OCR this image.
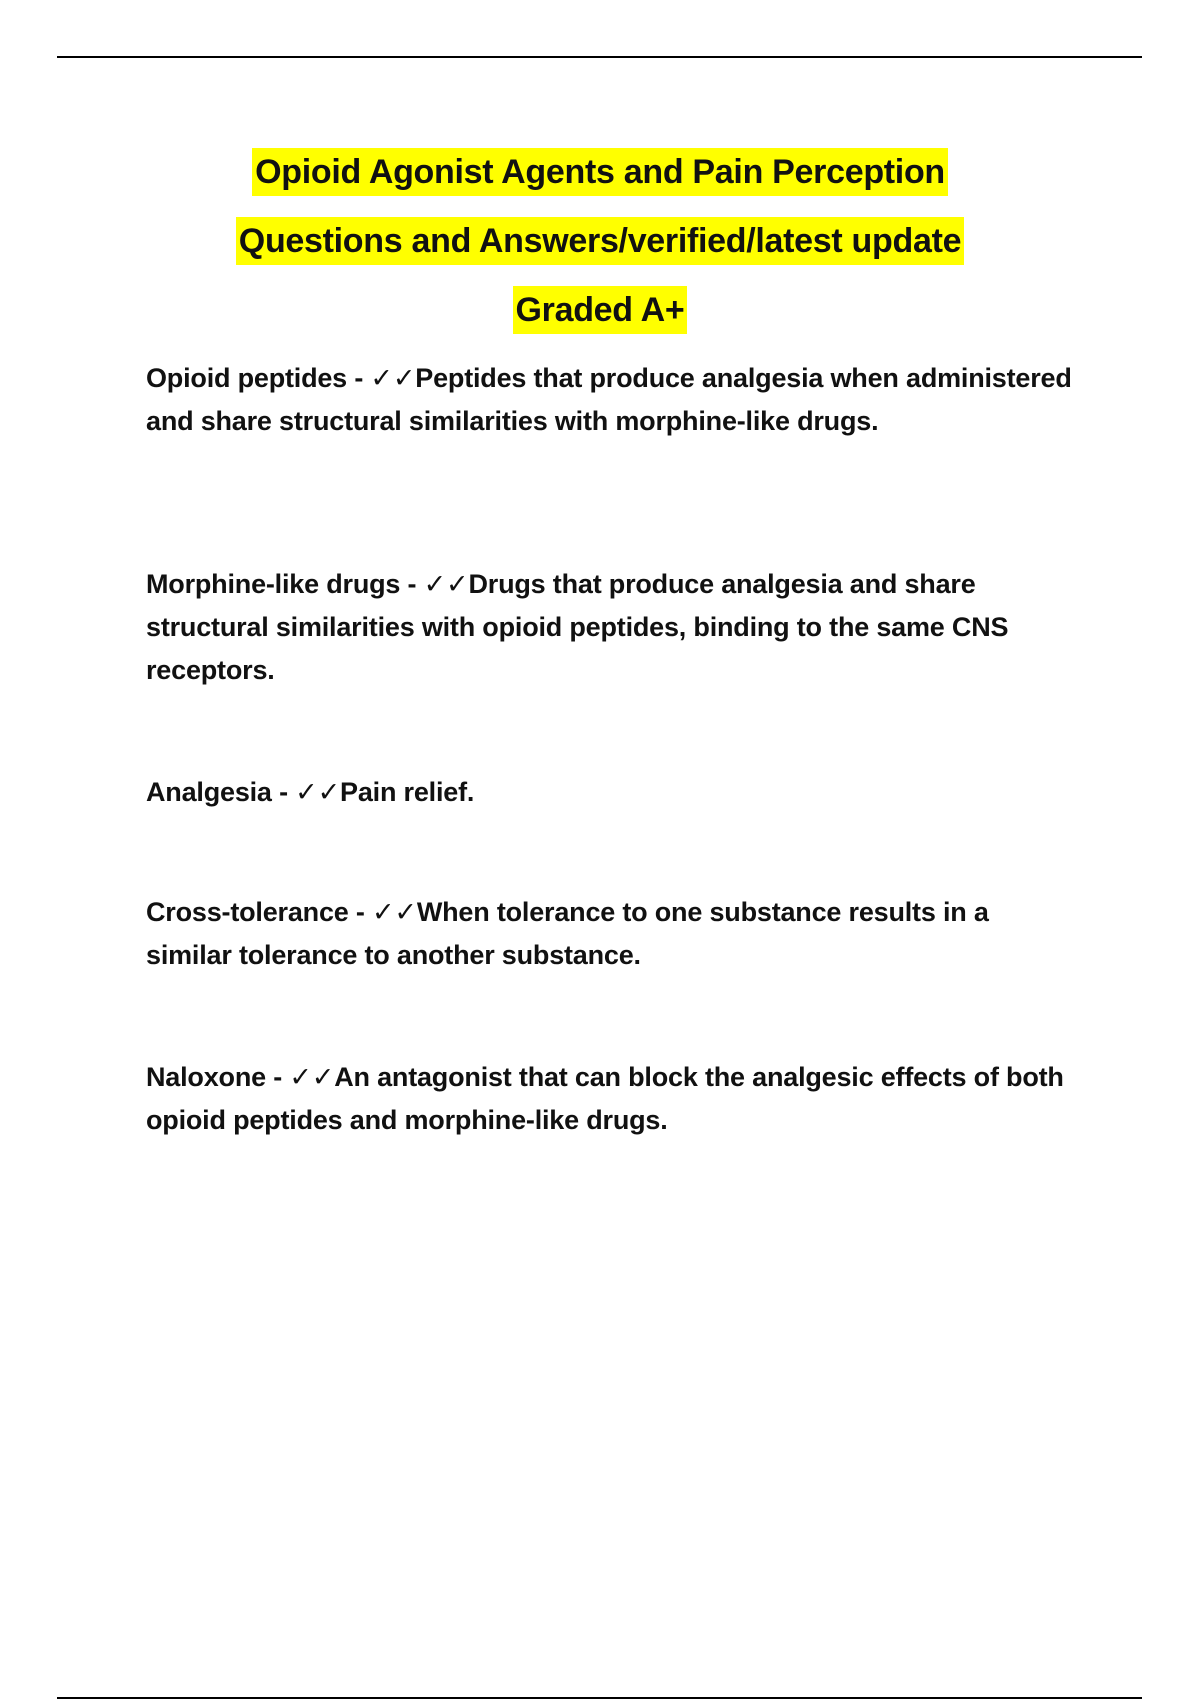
Opioid Agonist Agents and Pain Perception
Questions and Answers/verified/latest update
Graded A+

Opioid peptides - ✓✓Peptides that produce analgesia when administered and share structural similarities with morphine-like drugs.

Morphine-like drugs - ✓✓Drugs that produce analgesia and share structural similarities with opioid peptides, binding to the same CNS receptors.

Analgesia - ✓✓Pain relief.

Cross-tolerance - ✓✓When tolerance to one substance results in a similar tolerance to another substance.

Naloxone - ✓✓An antagonist that can block the analgesic effects of both opioid peptides and morphine-like drugs.
